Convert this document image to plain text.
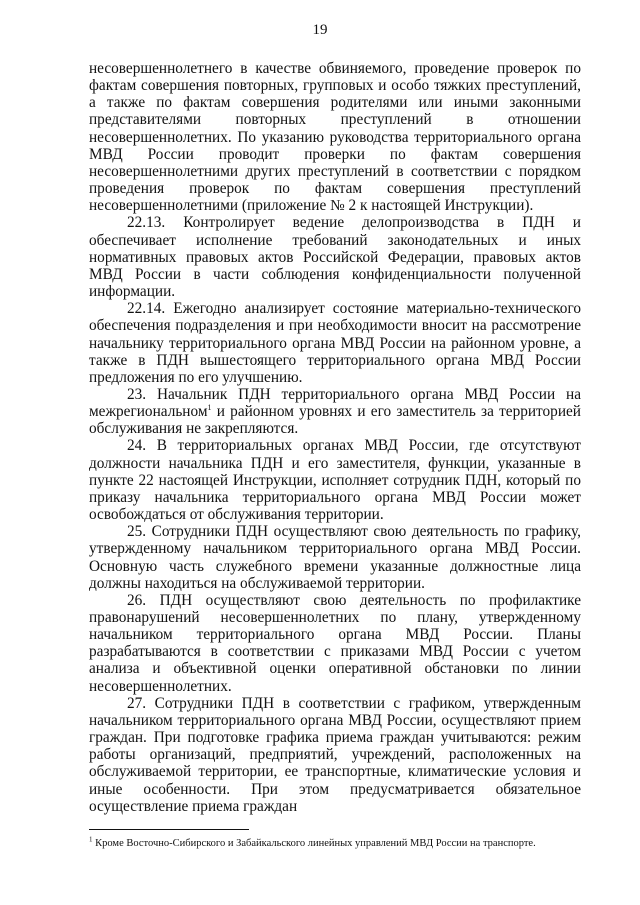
19

несовершеннолетнего в качестве обвиняемого, проведение проверок по фактам совершения повторных, групповых и особо тяжких преступлений, а также по фактам совершения родителями или иными законными представителями повторных преступлений в отношении несовершеннолетних. По указанию руководства территориального органа МВД России проводит проверки по фактам совершения несовершеннолетними других преступлений в соответствии с порядком проведения проверок по фактам совершения преступлений несовершеннолетними (приложение № 2 к настоящей Инструкции).

22.13. Контролирует ведение делопроизводства в ПДН и обеспечивает исполнение требований законодательных и иных нормативных правовых актов Российской Федерации, правовых актов МВД России в части соблюдения конфиденциальности полученной информации.

22.14. Ежегодно анализирует состояние материально-технического обеспечения подразделения и при необходимости вносит на рассмотрение начальнику территориального органа МВД России на районном уровне, а также в ПДН вышестоящего территориального органа МВД России предложения по его улучшению.

23. Начальник ПДН территориального органа МВД России на межрегиональном$^1$ и районном уровнях и его заместитель за территорией обслуживания не закрепляются.

24. В территориальных органах МВД России, где отсутствуют должности начальника ПДН и его заместителя, функции, указанные в пункте 22 настоящей Инструкции, исполняет сотрудник ПДН, который по приказу начальника территориального органа МВД России может освобождаться от обслуживания территории.

25. Сотрудники ПДН осуществляют свою деятельность по графику, утвержденному начальником территориального органа МВД России. Основную часть служебного времени указанные должностные лица должны находиться на обслуживаемой территории.

26. ПДН осуществляют свою деятельность по профилактике правонарушений несовершеннолетних по плану, утвержденному начальником территориального органа МВД России. Планы разрабатываются в соответствии с приказами МВД России с учетом анализа и объективной оценки оперативной обстановки по линии несовершеннолетних.

27. Сотрудники ПДН в соответствии с графиком, утвержденным начальником территориального органа МВД России, осуществляют прием граждан. При подготовке графика приема граждан учитываются: режим работы организаций, предприятий, учреждений, расположенных на обслуживаемой территории, ее транспортные, климатические условия и иные особенности. При этом предусматривается обязательное осуществление приема граждан

$^1$ Кроме Восточно-Сибирского и Забайкальского линейных управлений МВД России на транспорте.
